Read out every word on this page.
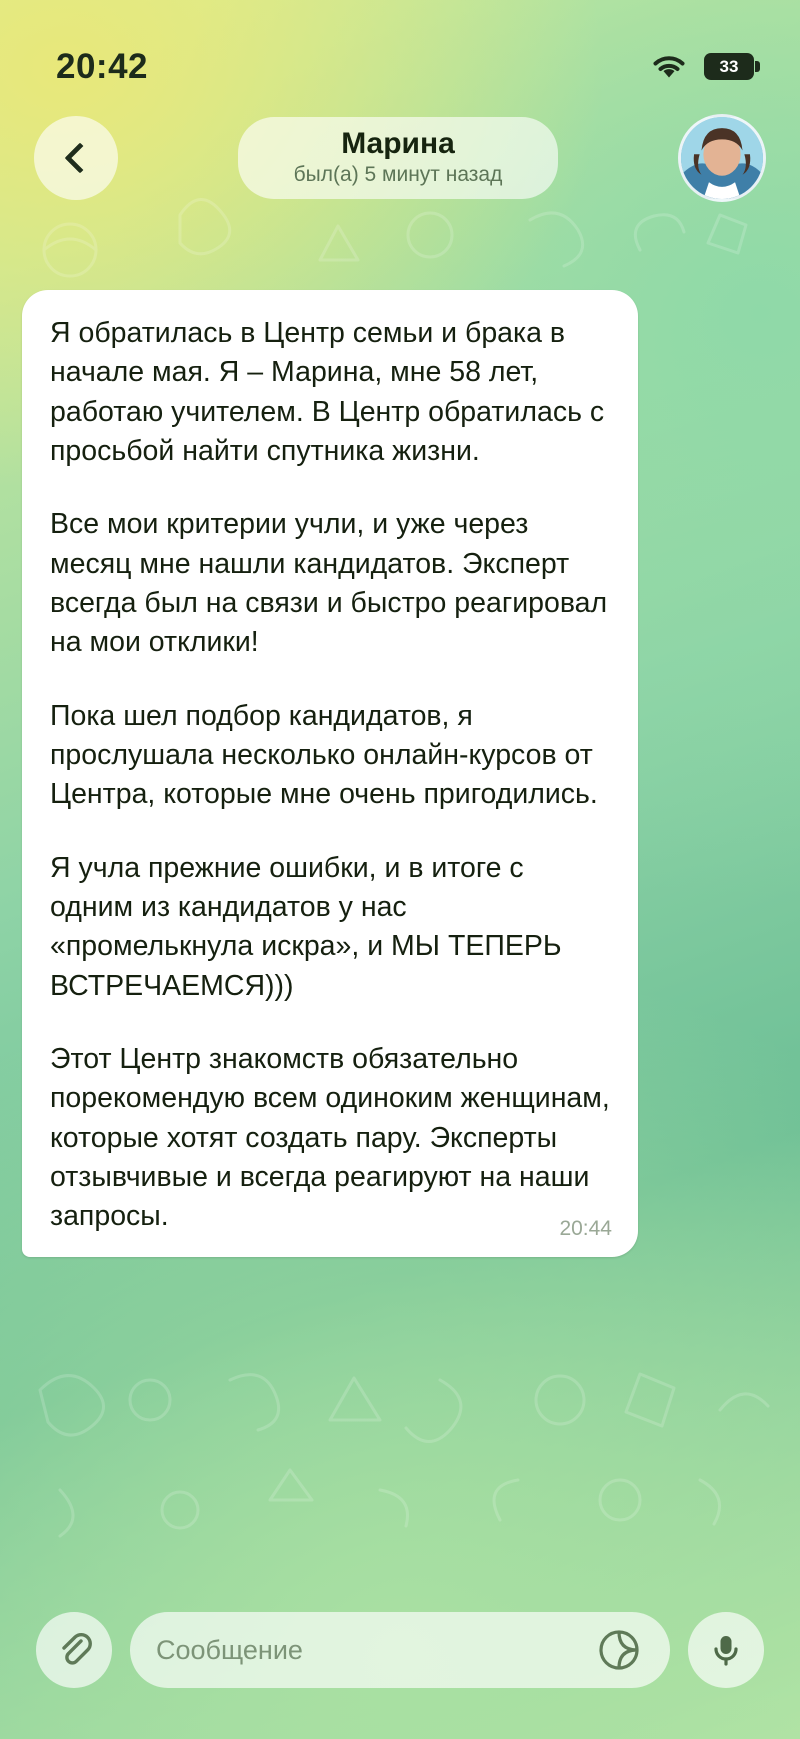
20:42	33
Марина
был(а) 5 минут назад

Я обратилась в Центр семьи и брака в начале мая. Я – Марина, мне 58 лет, работаю учителем. В Центр обратилась с просьбой найти спутника жизни.

Все мои критерии учли, и уже через месяц мне нашли кандидатов. Эксперт всегда был на связи и быстро реагировал на мои отклики!

Пока шел подбор кандидатов, я прослушала несколько онлайн-курсов от Центра, которые мне очень пригодились.

Я учла прежние ошибки, и в итоге с одним из кандидатов у нас «промелькнула искра», и МЫ ТЕПЕРЬ ВСТРЕЧАЕМСЯ)))

Этот Центр знакомств обязательно порекомендую всем одиноким женщинам, которые хотят создать пару. Эксперты отзывчивые и всегда реагируют на наши запросы.	20:44
Сообщение
